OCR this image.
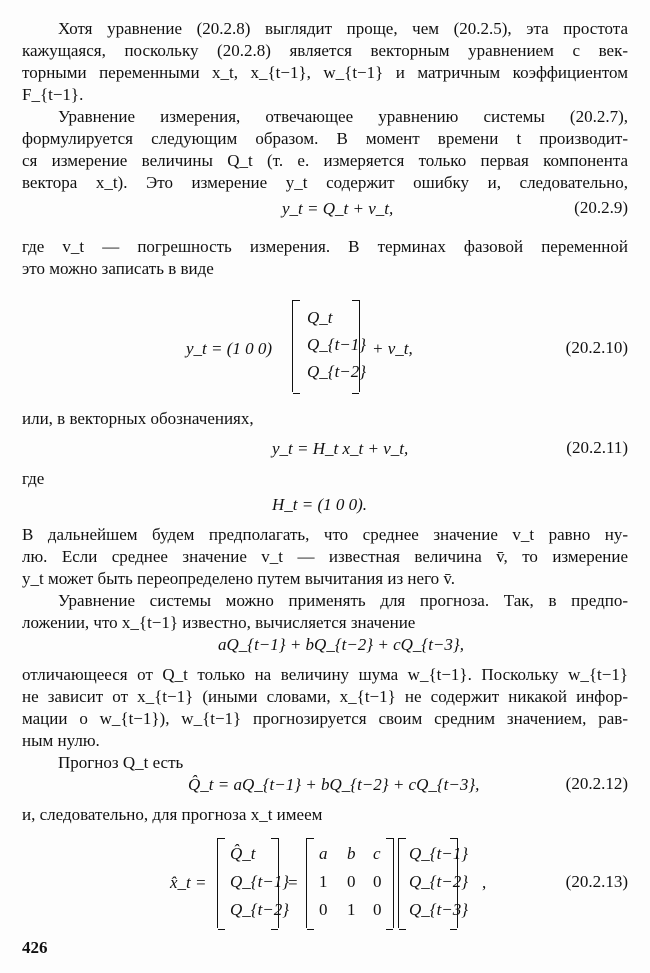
Хотя уравнение (20.2.8) выглядит проще, чем (20.2.5), эта простота
кажущаяся, поскольку (20.2.8) является векторным уравнением с век-
торными переменными x_t, x_{t−1}, w_{t−1} и матричным коэффициентом
F_{t−1}.
Уравнение измерения, отвечающее уравнению системы (20.2.7),
формулируется следующим образом. В момент времени t производит-
ся измерение величины Q_t (т. е. измеряется только первая компонента
вектора x_t). Это измерение y_t содержит ошибку и, следовательно,
y_t = Q_t + v_t,	(20.2.9)
где v_t — погрешность измерения. В терминах фазовой переменной
это можно записать в виде
y_t = (1 0 0)
Q_t
Q_{t−1}
Q_{t−2}
+ v_t,	(20.2.10)
или, в векторных обозначениях,
y_t = H_t x_t + v_t,	(20.2.11)
где
H_t = (1 0 0).
В дальнейшем будем предполагать, что среднее значение v_t равно ну-
лю. Если среднее значение v_t — известная величина v̄, то измерение
y_t может быть переопределено путем вычитания из него v̄.
Уравнение системы можно применять для прогноза. Так, в предпо-
ложении, что x_{t−1} известно, вычисляется значение
aQ_{t−1} + bQ_{t−2} + cQ_{t−3},
отличающееся от Q_t только на величину шума w_{t−1}. Поскольку w_{t−1}
не зависит от x_{t−1} (иными словами, x_{t−1} не содержит никакой инфор-
мации о w_{t−1}), w_{t−1} прогнозируется своим средним значением, рав-
ным нулю.
Прогноз Q_t есть
Q̂_t = aQ_{t−1} + bQ_{t−2} + cQ_{t−3},	(20.2.12)
и, следовательно, для прогноза x_t имеем
x̂_t =
Q̂_t
Q_{t−1}
Q_{t−2}
=
a b c
1 0 0
0 1 0
Q_{t−1}
Q_{t−2}
Q_{t−3}
,	(20.2.13)
426
